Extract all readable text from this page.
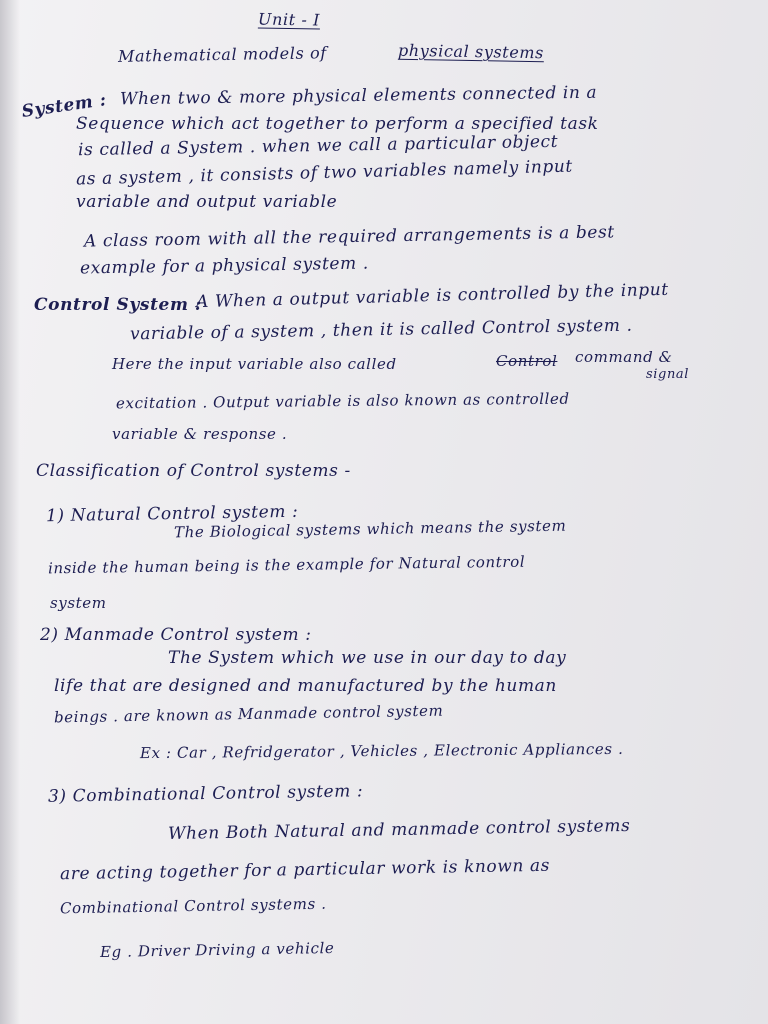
Unit - I
Mathematical models of	physical systems
System : When two & more physical elements connected in a
Sequence which act together to perform a specified task
is called a System . when we call a particular object
as a system , it consists of two variables namely input
variable and output variable
A class room with all the required arrangements is a best
example for a physical system .
Control System :
A When a output variable is controlled by the input
variable of a system , then it is called Control system .
Here the input variable also called	Control command &
signal
excitation . Output variable is also known as controlled
variable & response .
Classification of Control systems -
1) Natural Control system :
The Biological systems which means the system
inside the human being is the example for Natural control
system
2) Manmade Control system :
The System which we use in our day to day
life that are designed and manufactured by the human
beings . are known as Manmade control system
Ex : Car , Refridgerator , Vehicles , Electronic Appliances .
3) Combinational Control system :
When Both Natural and manmade control systems
are acting together for a particular work is known as
Combinational Control systems .
Eg . Driver Driving a vehicle
